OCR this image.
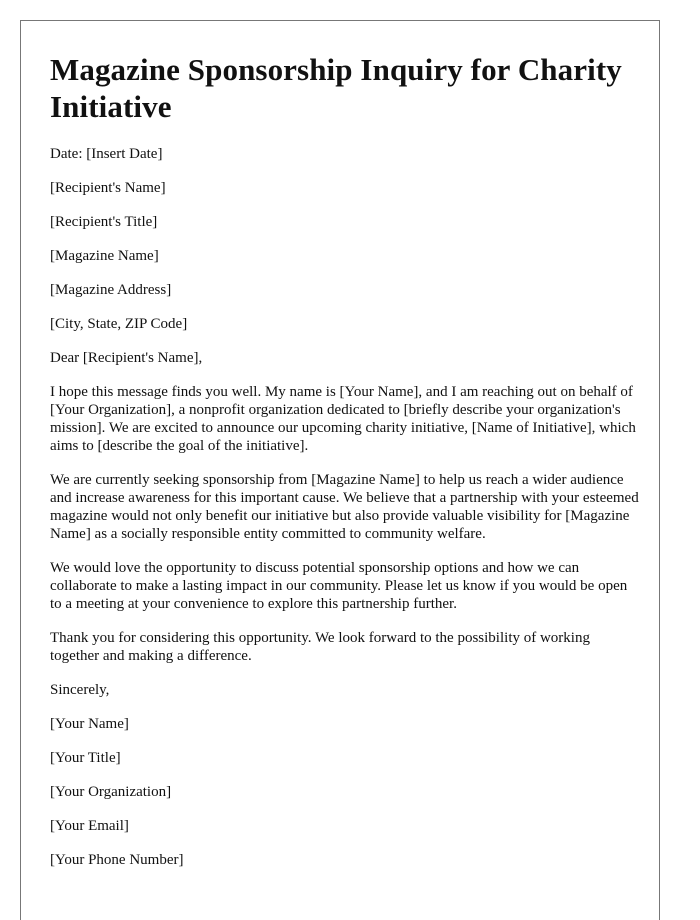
Magazine Sponsorship Inquiry for Charity Initiative
Date: [Insert Date]
[Recipient's Name]
[Recipient's Title]
[Magazine Name]
[Magazine Address]
[City, State, ZIP Code]
Dear [Recipient's Name],

I hope this message finds you well. My name is [Your Name], and I am reaching out on behalf of [Your Organization], a nonprofit organization dedicated to [briefly describe your organization's mission]. We are excited to announce our upcoming charity initiative, [Name of Initiative], which aims to [describe the goal of the initiative].

We are currently seeking sponsorship from [Magazine Name] to help us reach a wider audience and increase awareness for this important cause. We believe that a partnership with your esteemed magazine would not only benefit our initiative but also provide valuable visibility for [Magazine Name] as a socially responsible entity committed to community welfare.

We would love the opportunity to discuss potential sponsorship options and how we can collaborate to make a lasting impact in our community. Please let us know if you would be open to a meeting at your convenience to explore this partnership further.

Thank you for considering this opportunity. We look forward to the possibility of working together and making a difference.

Sincerely,
[Your Name]
[Your Title]
[Your Organization]
[Your Email]
[Your Phone Number]
